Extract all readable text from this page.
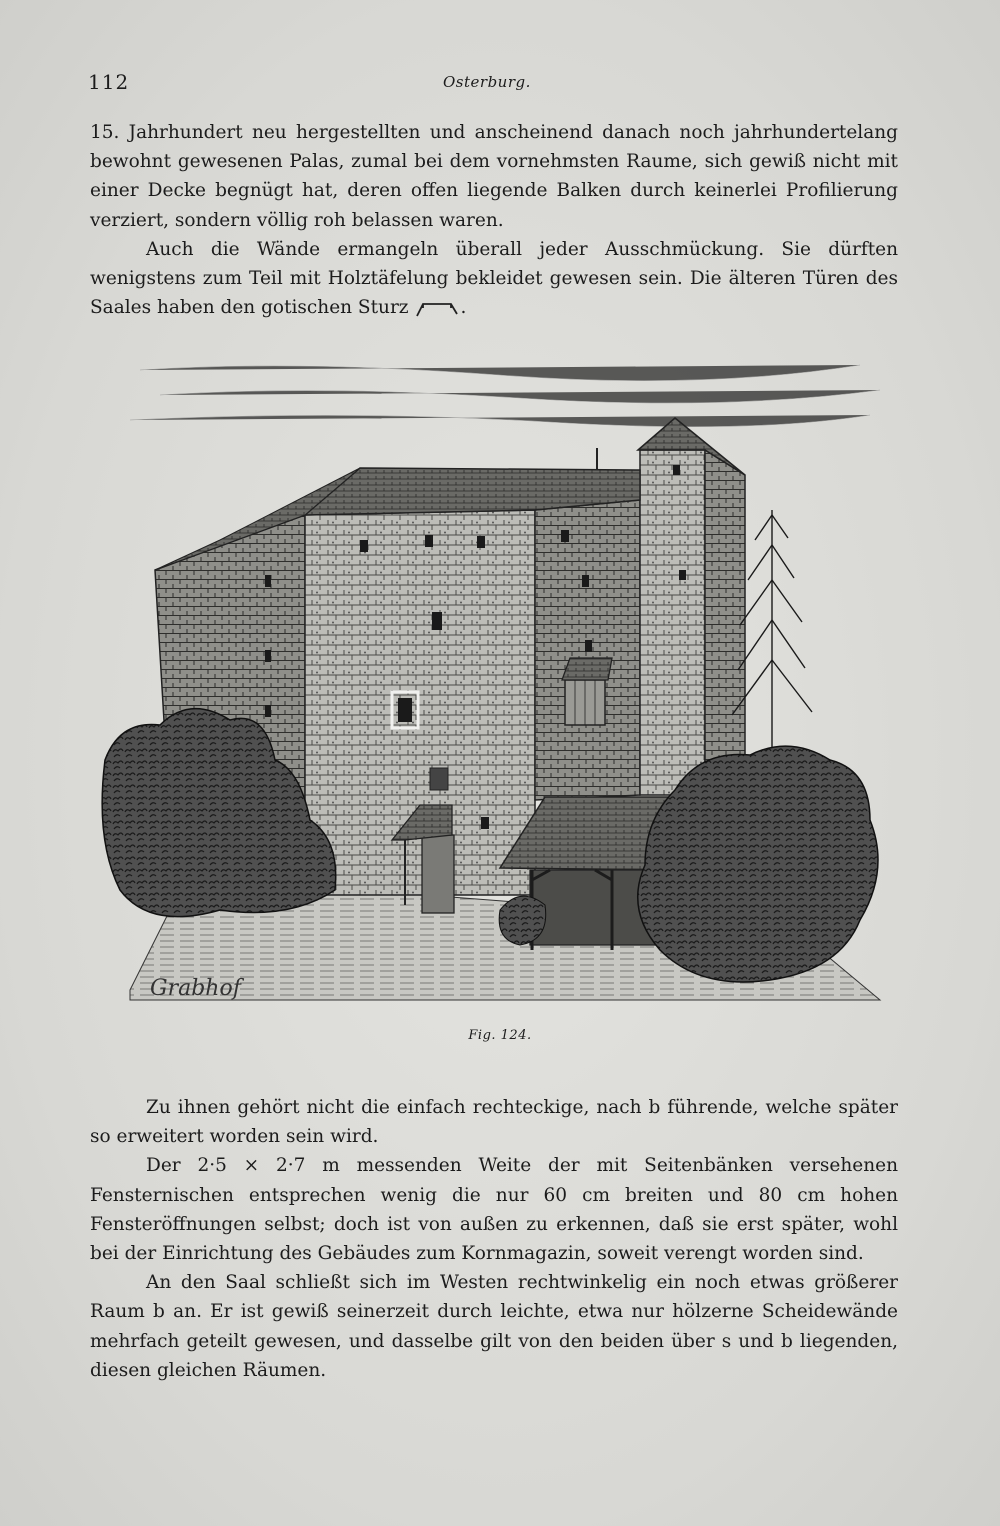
112	Osterburg.

15. Jahrhundert neu hergestellten und anscheinend danach noch jahrhundertelang bewohnt gewesenen Palas, zumal bei dem vornehmsten Raume, sich gewiß nicht mit einer Decke begnügt hat, deren offen liegende Balken durch keinerlei Profilierung verziert, sondern völlig roh belassen waren.

Auch die Wände ermangeln überall jeder Ausschmückung. Sie dürften wenigstens zum Teil mit Holztäfelung bekleidet gewesen sein. Die älteren Türen des Saales haben den gotischen Sturz	.

Grabhof
Fig. 124.

Zu ihnen gehört nicht die einfach rechteckige, nach b führende, welche später so erweitert worden sein wird.

Der 2·5 × 2·7 m messenden Weite der mit Seitenbänken versehenen Fensternischen entsprechen wenig die nur 60 cm breiten und 80 cm hohen Fensteröffnungen selbst; doch ist von außen zu erkennen, daß sie erst später, wohl bei der Einrichtung des Gebäudes zum Kornmagazin, soweit verengt worden sind.

An den Saal schließt sich im Westen rechtwinkelig ein noch etwas größerer Raum b an. Er ist gewiß seinerzeit durch leichte, etwa nur hölzerne Scheidewände mehrfach geteilt gewesen, und dasselbe gilt von den beiden über s und b liegenden, diesen gleichen Räumen.
